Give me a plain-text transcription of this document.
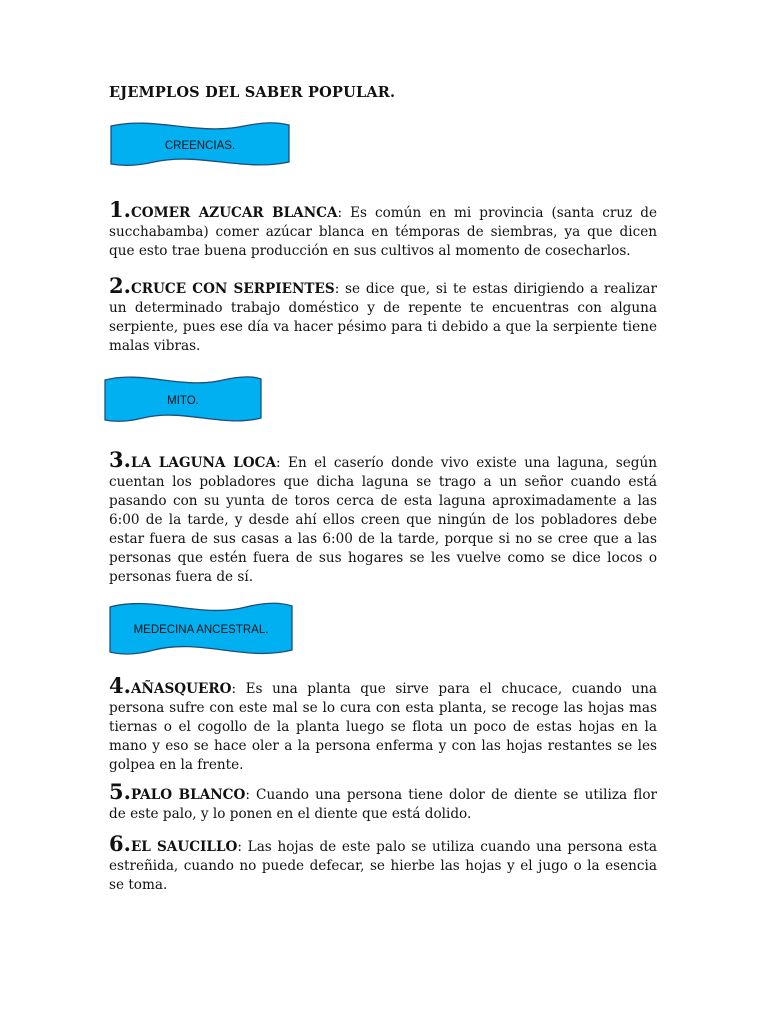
EJEMPLOS DEL SABER POPULAR.
CREENCIAS.
1.COMER AZUCAR BLANCA: Es común en mi provincia (santa cruz de succhabamba) comer azúcar blanca en témporas de siembras, ya que dicen que esto trae buena producción en sus cultivos al momento de cosecharlos.
2.CRUCE CON SERPIENTES: se dice que, si te estas dirigiendo a realizar un determinado trabajo doméstico y de repente te encuentras con alguna serpiente, pues ese día va hacer pésimo para ti debido a que la serpiente tiene malas vibras.
MITO.
3.LA LAGUNA LOCA: En el caserío donde vivo existe una laguna, según cuentan los pobladores que dicha laguna se trago a un señor cuando está pasando con su yunta de toros cerca de esta laguna aproximadamente a las 6:00 de la tarde, y desde ahí ellos creen que ningún de los pobladores debe estar fuera de sus casas a las 6:00 de la tarde, porque si no se cree que a las personas que estén fuera de sus hogares se les vuelve como se dice locos o personas fuera de sí.
MEDECINA ANCESTRAL.
4.AÑASQUERO: Es una planta que sirve para el chucace, cuando una persona sufre con este mal se lo cura con esta planta, se recoge las hojas mas tiernas o el cogollo de la planta luego se flota un poco de estas hojas en la mano y eso se hace oler a la persona enferma y con las hojas restantes se les golpea en la frente.
5.PALO BLANCO: Cuando una persona tiene dolor de diente se utiliza flor de este palo, y lo ponen en el diente que está dolido.
6.EL SAUCILLO: Las hojas de este palo se utiliza cuando una persona esta estreñida, cuando no puede defecar, se hierbe las hojas y el jugo o la esencia se toma.
